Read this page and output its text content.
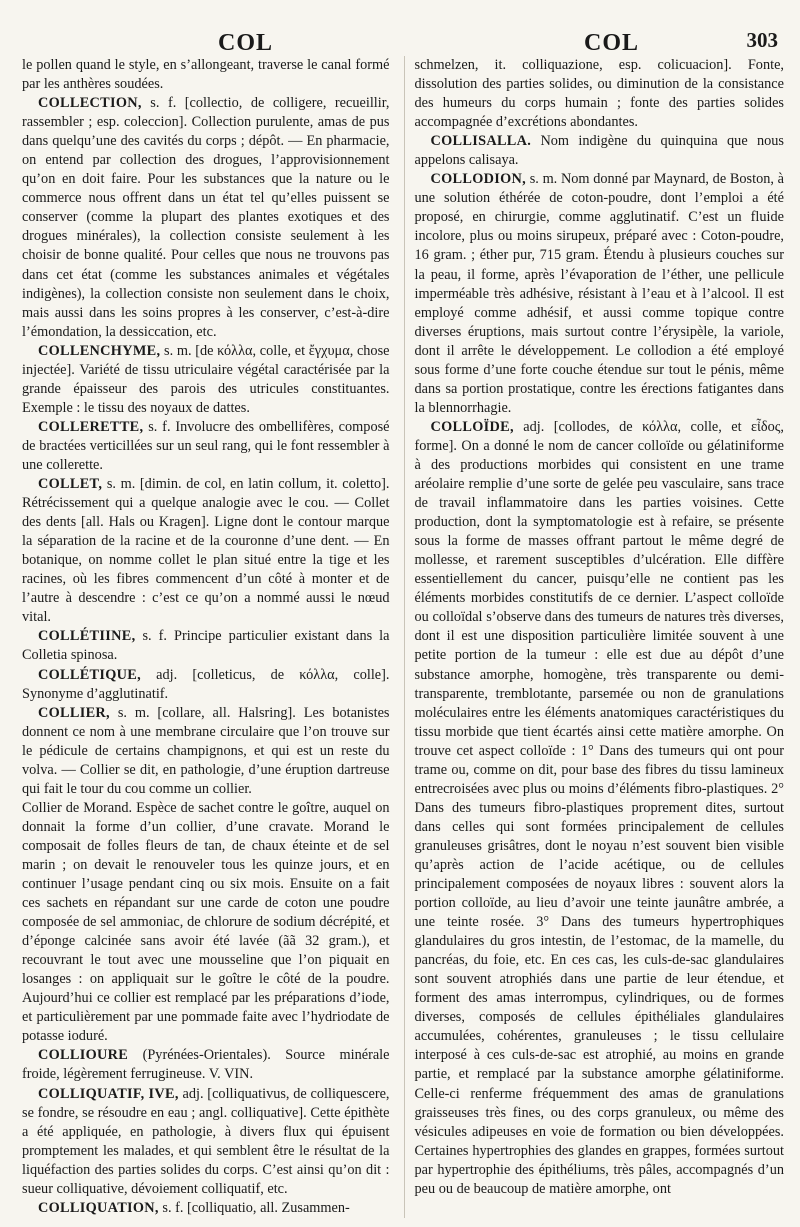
COL	COL	303

le pollen quand le style, en s’allongeant, traverse le canal formé par les anthères soudées.

COLLECTION, s. f. [collectio, de colligere, recueillir, rassembler ; esp. coleccion]. Collection purulente, amas de pus dans quelqu’une des cavités du corps ; dépôt. — En pharmacie, on entend par collection des drogues, l’approvisionnement qu’on en doit faire. Pour les substances que la nature ou le commerce nous offrent dans un état tel qu’elles puissent se conserver (comme la plupart des plantes exotiques et des drogues minérales), la collection consiste seulement à les choisir de bonne qualité. Pour celles que nous ne trouvons pas dans cet état (comme les substances animales et végétales indigènes), la collection consiste non seulement dans le choix, mais aussi dans les soins propres à les conserver, c’est-à-dire l’émondation, la dessiccation, etc.

COLLENCHYME, s. m. [de κόλλα, colle, et ἔγχυμα, chose injectée]. Variété de tissu utriculaire végétal caractérisée par la grande épaisseur des parois des utricules constituantes. Exemple : le tissu des noyaux de dattes.

COLLERETTE, s. f. Involucre des ombellifères, composé de bractées verticillées sur un seul rang, qui le font ressembler à une collerette.

COLLET, s. m. [dimin. de col, en latin collum, it. coletto]. Rétrécissement qui a quelque analogie avec le cou. — Collet des dents [all. Hals ou Kragen]. Ligne dont le contour marque la séparation de la racine et de la couronne d’une dent. — En botanique, on nomme collet le plan situé entre la tige et les racines, où les fibres commencent d’un côté à monter et de l’autre à descendre : c’est ce qu’on a nommé aussi le nœud vital.

COLLÉTIINE, s. f. Principe particulier existant dans la Colletia spinosa.

COLLÉTIQUE, adj. [colleticus, de κόλλα, colle]. Synonyme d’agglutinatif.

COLLIER, s. m. [collare, all. Halsring]. Les botanistes donnent ce nom à une membrane circulaire que l’on trouve sur le pédicule de certains champignons, et qui est un reste du volva. — Collier se dit, en pathologie, d’une éruption dartreuse qui fait le tour du cou comme un collier.

Collier de Morand. Espèce de sachet contre le goître, auquel on donnait la forme d’un collier, d’une cravate. Morand le composait de folles fleurs de tan, de chaux éteinte et de sel marin ; on devait le renouveler tous les quinze jours, et en continuer l’usage pendant cinq ou six mois. Ensuite on a fait ces sachets en répandant sur une carde de coton une poudre composée de sel ammoniac, de chlorure de sodium décrépité, et d’éponge calcinée sans avoir été lavée (ãã 32 gram.), et recouvrant le tout avec une mousseline que l’on piquait en losanges : on appliquait sur le goître le côté de la poudre. Aujourd’hui ce collier est remplacé par les préparations d’iode, et particulièrement par une pommade faite avec l’hydriodate de potasse ioduré.

COLLIOURE (Pyrénées-Orientales). Source minérale froide, légèrement ferrugineuse. V. VIN.

COLLIQUATIF, IVE, adj. [colliquativus, de colliquescere, se fondre, se résoudre en eau ; angl. colliquative]. Cette épithète a été appliquée, en pathologie, à divers flux qui épuisent promptement les malades, et qui semblent être le résultat de la liquéfaction des parties solides du corps. C’est ainsi qu’on dit : sueur colliquative, dévoiement colliquatif, etc.

COLLIQUATION, s. f. [colliquatio, all. Zusammen-

schmelzen, it. colliquazione, esp. colicuacion]. Fonte, dissolution des parties solides, ou diminution de la consistance des humeurs du corps humain ; fonte des parties solides accompagnée d’excrétions abondantes.

COLLISALLA. Nom indigène du quinquina que nous appelons calisaya.

COLLODION, s. m. Nom donné par Maynard, de Boston, à une solution éthérée de coton-poudre, dont l’emploi a été proposé, en chirurgie, comme agglutinatif. C’est un fluide incolore, plus ou moins sirupeux, préparé avec : Coton-poudre, 16 gram. ; éther pur, 715 gram. Étendu à plusieurs couches sur la peau, il forme, après l’évaporation de l’éther, une pellicule imperméable très adhésive, résistant à l’eau et à l’alcool. Il est employé comme adhésif, et aussi comme topique contre diverses éruptions, mais surtout contre l’érysipèle, la variole, dont il arrête le développement. Le collodion a été employé sous forme d’une forte couche étendue sur tout le pénis, même dans sa portion prostatique, contre les érections fatigantes dans la blennorrhagie.

COLLOÏDE, adj. [collodes, de κόλλα, colle, et εἶδος, forme]. On a donné le nom de cancer colloïde ou gélatiniforme à des productions morbides qui consistent en une trame aréolaire remplie d’une sorte de gelée peu vasculaire, sans trace de travail inflammatoire dans les parties voisines. Cette production, dont la symptomatologie est à refaire, se présente sous la forme de masses offrant partout le même degré de mollesse, et rarement susceptibles d’ulcération. Elle diffère essentiellement du cancer, puisqu’elle ne contient pas les éléments morbides constitutifs de ce dernier. L’aspect colloïde ou colloïdal s’observe dans des tumeurs de natures très diverses, dont il est une disposition particulière limitée souvent à une petite portion de la tumeur : elle est due au dépôt d’une substance amorphe, homogène, très transparente ou demi-transparente, tremblotante, parsemée ou non de granulations moléculaires entre les éléments anatomiques caractéristiques du tissu morbide que tient écartés ainsi cette matière amorphe. On trouve cet aspect colloïde : 1° Dans des tumeurs qui ont pour trame ou, comme on dit, pour base des fibres du tissu lamineux entrecroisées avec plus ou moins d’éléments fibro-plastiques. 2° Dans des tumeurs fibro-plastiques proprement dites, surtout dans celles qui sont formées principalement de cellules granuleuses grisâtres, dont le noyau n’est souvent bien visible qu’après action de l’acide acétique, ou de cellules principalement composées de noyaux libres : souvent alors la portion colloïde, au lieu d’avoir une teinte jaunâtre ambrée, a une teinte rosée. 3° Dans des tumeurs hypertrophiques glandulaires du gros intestin, de l’estomac, de la mamelle, du pancréas, du foie, etc. En ces cas, les culs-de-sac glandulaires sont souvent atrophiés dans une partie de leur étendue, et forment des amas interrompus, cylindriques, ou de formes diverses, composés de cellules épithéliales glandulaires accumulées, cohérentes, granuleuses ; le tissu cellulaire interposé à ces culs-de-sac est atrophié, au moins en grande partie, et remplacé par la substance amorphe gélatiniforme. Celle-ci renferme fréquemment des amas de granulations graisseuses très fines, ou des corps granuleux, ou même des vésicules adipeuses en voie de formation ou bien développées. Certaines hypertrophies des glandes en grappes, formées surtout par hypertrophie des épithéliums, très pâles, accompagnés d’un peu ou de beaucoup de matière amorphe, ont
